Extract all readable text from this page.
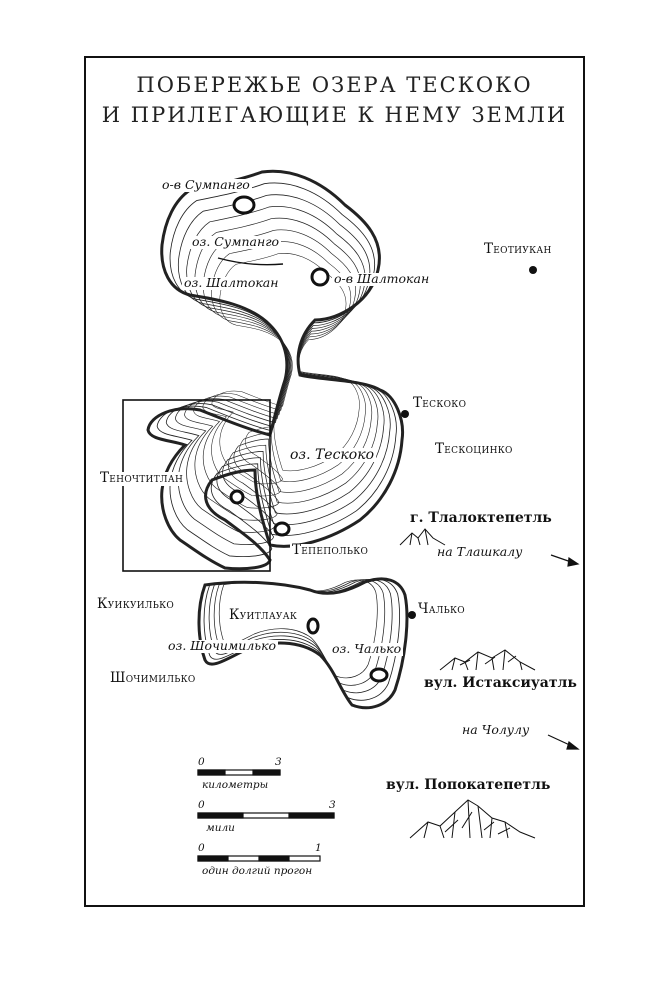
ПОБЕРЕЖЬЕ ОЗЕРА ТЕСКОКО
И ПРИЛЕГАЮЩИЕ К НЕМУ ЗЕМЛИ
оз. Сумпанго
оз. Шалтокан
оз. Тескоко
оз. Шочимилько	оз. Чалько
о-в Сумпанго
о-в Шалтокан
Теотиукан
Тескоко
Тескоцинко
Теночтитлан
Тепеполько
Куикуилько
Куитлауак	Чалько
Шочимилько
г. Тлалоктепетль
вул. Истаксиуатль
вул. Попокатепетль
на Тлашкалу
на Чолулу
0	3
километры
0	3
мили
0	1
один долгий прогон
